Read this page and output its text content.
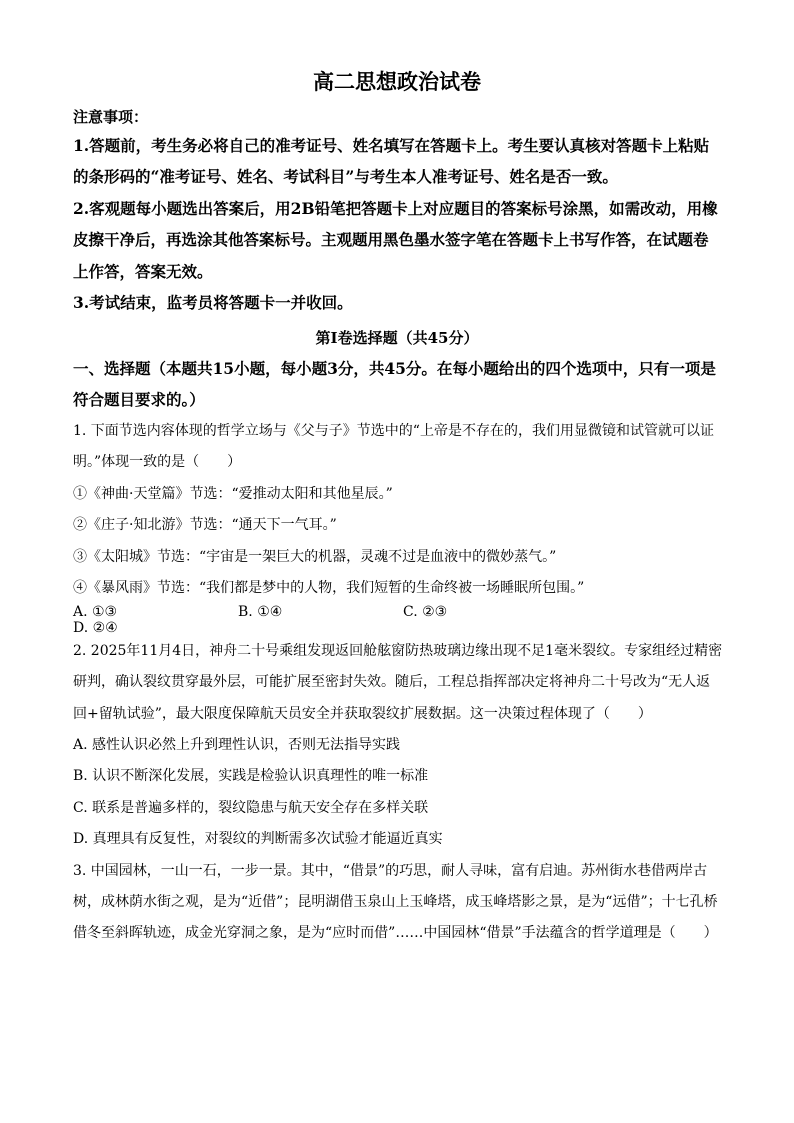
高二思想政治试卷
注意事项：

1.答题前，考生务必将自己的准考证号、姓名填写在答题卡上。考生要认真核对答题卡上粘贴的条形码的“准考证号、姓名、考试科目”与考生本人准考证号、姓名是否一致。

2.客观题每小题选出答案后，用2B铅笔把答题卡上对应题目的答案标号涂黑，如需改动，用橡皮擦干净后，再选涂其他答案标号。主观题用黑色墨水签字笔在答题卡上书写作答，在试题卷上作答，答案无效。

3.考试结束，监考员将答题卡一并收回。

第Ⅰ卷选择题（共45分）

一、选择题（本题共15小题，每小题3分，共45分。在每小题给出的四个选项中，只有一项是符合题目要求的。）

1. 下面节选内容体现的哲学立场与《父与子》节选中的“上帝是不存在的，我们用显微镜和试管就可以证明。”体现一致的是（　　）

①《神曲·天堂篇》节选：“爱推动太阳和其他星辰。”

②《庄子·知北游》节选：“通天下一气耳。”

③《太阳城》节选：“宇宙是一架巨大的机器，灵魂不过是血液中的微妙蒸气。”

④《暴风雨》节选：“我们都是梦中的人物，我们短暂的生命终被一场睡眠所包围。”

A. ①③	B. ①④	C. ②③D. ②④

2. 2025年11月4日，神舟二十号乘组发现返回舱舷窗防热玻璃边缘出现不足1毫米裂纹。专家组经过精密研判，确认裂纹贯穿最外层，可能扩展至密封失效。随后，工程总指挥部决定将神舟二十号改为“无人返回+留轨试验”，最大限度保障航天员安全并获取裂纹扩展数据。这一决策过程体现了（　　）

A. 感性认识必然上升到理性认识，否则无法指导实践

B. 认识不断深化发展，实践是检验认识真理性的唯一标准

C. 联系是普遍多样的，裂纹隐患与航天安全存在多样关联

D. 真理具有反复性，对裂纹的判断需多次试验才能逼近真实

3. 中国园林，一山一石，一步一景。其中，“借景”的巧思，耐人寻味，富有启迪。苏州街水巷借两岸古树，成林荫水街之观，是为“近借”；昆明湖借玉泉山上玉峰塔，成玉峰塔影之景，是为“远借”；十七孔桥借冬至斜晖轨迹，成金光穿洞之象，是为“应时而借”……中国园林“借景”手法蕴含的哲学道理是（　　）
